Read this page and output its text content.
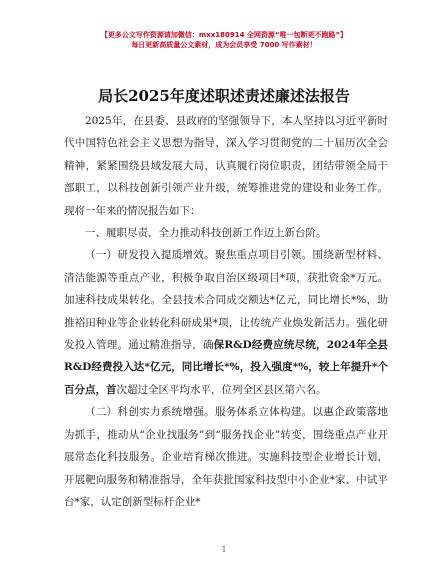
【更多公文写作资源请加微信：mxx180914 全网资源“唯一包断更不跑路”】
每日更新高质量公文素材，成为会员享受 7000 写作素材！
局长2025年度述职述责述廉述法报告

2025年，在县委、县政府的坚强领导下，本人坚持以习近平新时代中国特色社会主义思想为指导，深入学习贯彻党的二十届历次全会精神，紧紧围绕县域发展大局，认真履行岗位职责，团结带领全局干部职工，以科技创新引领产业升级，统筹推进党的建设和业务工作。现将一年来的情况报告如下：

一、履职尽责，全力推动科技创新工作迈上新台阶。

（一）研发投入提质增效。聚焦重点项目引领。围绕新型材料、清洁能源等重点产业，积极争取自治区级项目*项，获批资金*万元。加速科技成果转化。全县技术合同成交额达*亿元，同比增长*%，助推裕田种业等企业转化科研成果*项，让传统产业焕发新活力。强化研发投入管理。通过精准指导，确保R&D经费应统尽统，2024年全县R&D经费投入达*亿元，同比增长*%，投入强度*%，较上年提升*个百分点，首次超过全区平均水平，位列全区县区第六名。

（二）科创实力系统增强。服务体系立体构建。以惠企政策落地为抓手，推动从“企业找服务”到“服务找企业”转变，围绕重点产业开展常态化科技服务。企业培育梯次推进。实施科技型企业增长计划，开展靶向服务和精准指导，全年获批国家科技型中小企业*家、中试平台*家，认定创新型标杆企业*

1
